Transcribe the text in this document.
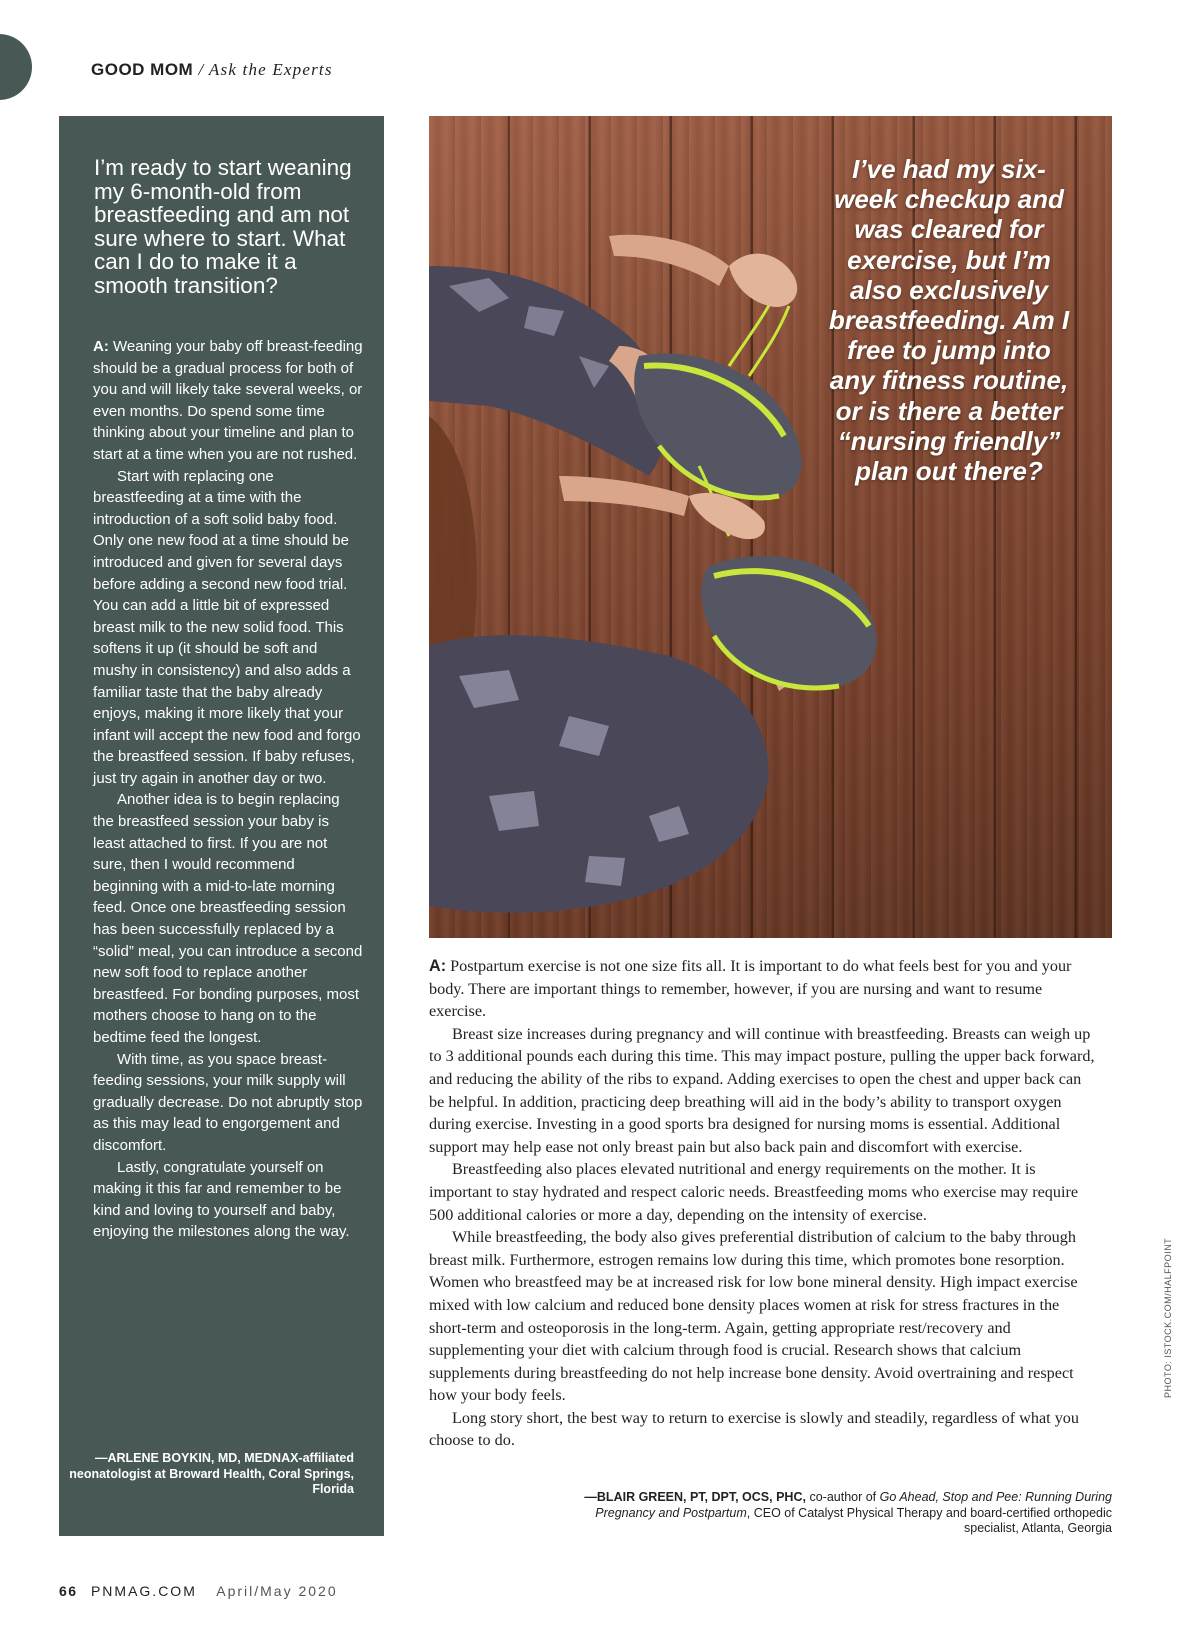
GOOD MOM / Ask the Experts
I’m ready to start weaning my 6-month-old from breastfeeding and am not sure where to start. What can I do to make it a smooth transition?

A: Weaning your baby off breast-feeding should be a gradual process for both of you and will likely take several weeks, or even months. Do spend some time thinking about your timeline and plan to start at a time when you are not rushed.

Start with replacing one breastfeeding at a time with the introduction of a soft solid baby food. Only one new food at a time should be introduced and given for several days before adding a second new food trial. You can add a little bit of expressed breast milk to the new solid food. This softens it up (it should be soft and mushy in consistency) and also adds a familiar taste that the baby already enjoys, making it more likely that your infant will accept the new food and forgo the breastfeed session. If baby refuses, just try again in another day or two.

Another idea is to begin replacing the breastfeed session your baby is least attached to first. If you are not sure, then I would recommend beginning with a mid-to-late morning feed. Once one breastfeeding session has been successfully replaced by a “solid” meal, you can introduce a second new soft food to replace another breastfeed. For bonding purposes, most mothers choose to hang on to the bedtime feed the longest.

With time, as you space breast-feeding sessions, your milk supply will gradually decrease. Do not abruptly stop as this may lead to engorgement and discomfort.

Lastly, congratulate yourself on making it this far and remember to be kind and loving to yourself and baby, enjoying the milestones along the way.

—ARLENE BOYKIN, MD, MEDNAX-affiliated neonatologist at Broward Health, Coral Springs, Florida
I’ve had my six-week checkup and was cleared for exercise, but I’m also exclusively breastfeeding. Am I free to jump into any fitness routine, or is there a better “nursing friendly” plan out there?
PHOTO: ISTOCK.COM/HALFPOINT

A: Postpartum exercise is not one size fits all. It is important to do what feels best for you and your body. There are important things to remember, however, if you are nursing and want to resume exercise.

Breast size increases during pregnancy and will continue with breastfeeding. Breasts can weigh up to 3 additional pounds each during this time. This may impact posture, pulling the upper back forward, and reducing the ability of the ribs to expand. Adding exercises to open the chest and upper back can be helpful. In addition, practicing deep breathing will aid in the body’s ability to transport oxygen during exercise. Investing in a good sports bra designed for nursing moms is essential. Additional support may help ease not only breast pain but also back pain and discomfort with exercise.

Breastfeeding also places elevated nutritional and energy requirements on the mother. It is important to stay hydrated and respect caloric needs. Breastfeeding moms who exercise may require 500 additional calories or more a day, depending on the intensity of exercise.

While breastfeeding, the body also gives preferential distribution of calcium to the baby through breast milk. Furthermore, estrogen remains low during this time, which promotes bone resorption. Women who breastfeed may be at increased risk for low bone mineral density. High impact exercise mixed with low calcium and reduced bone density places women at risk for stress fractures in the short-term and osteoporosis in the long-term. Again, getting appropriate rest/recovery and supplementing your diet with calcium through food is crucial. Research shows that calcium supplements during breastfeeding do not help increase bone density. Avoid overtraining and respect how your body feels.

Long story short, the best way to return to exercise is slowly and steadily, regardless of what you choose to do.

—BLAIR GREEN, PT, DPT, OCS, PHC, co-author of Go Ahead, Stop and Pee: Running During Pregnancy and Postpartum, CEO of Catalyst Physical Therapy and board-certified orthopedic specialist, Atlanta, Georgia
66 PNMAG.COM April/May 2020
